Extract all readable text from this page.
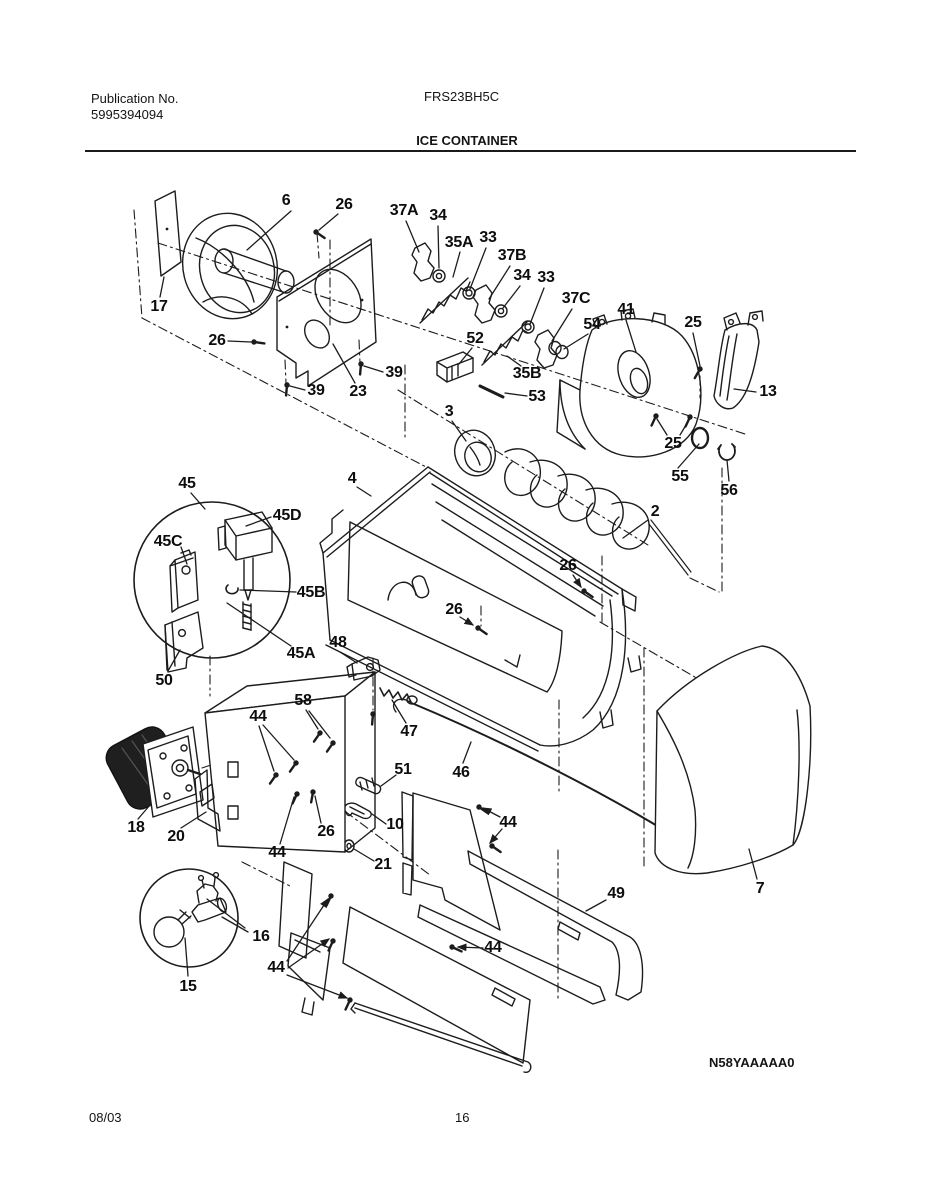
Publication No.
5995394094
FRS23BH5C
ICE CONTAINER
6	26 37A 34
35A 33
37B
34 33
37C
41
54	25
52
13
17
26
39 23
39	35B
53
3
25
55
56
45
45D
4
2
45C
26
45B
26
45A
48
50
58
44
47
51	46
18
20	26	10	44
44
21
7
16
49
15
44
44
08/03	16
N58YAAAAA0
